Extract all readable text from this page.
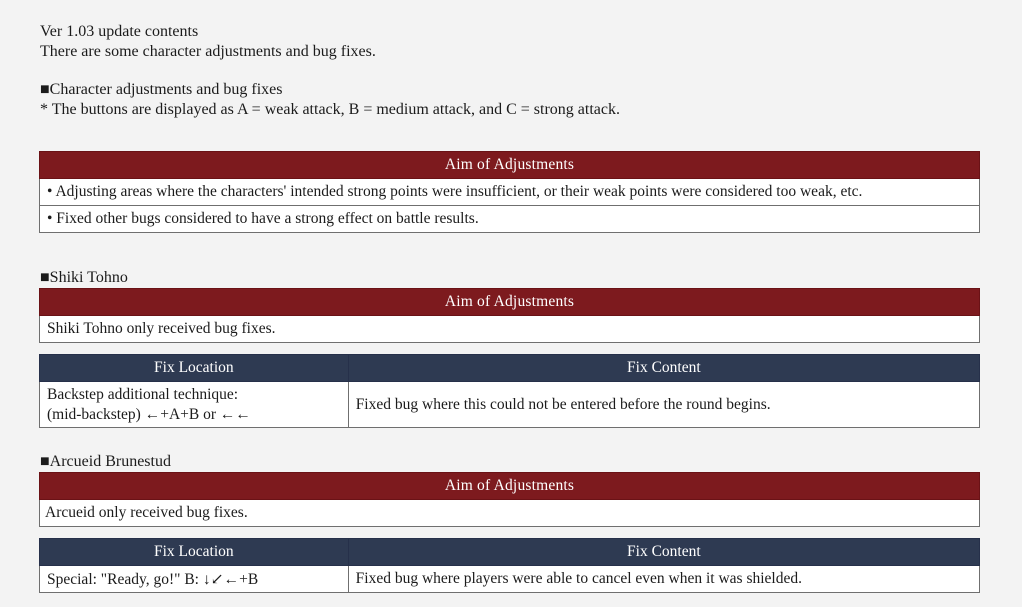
Ver 1.03 update contents
There are some character adjustments and bug fixes.
■Character adjustments and bug fixes
* The buttons are displayed as A = weak attack, B = medium attack, and C = strong attack.
Aim of Adjustments
• Adjusting areas where the characters' intended strong points were insufficient, or their weak points were considered too weak, etc.
• Fixed other bugs considered to have a strong effect on battle results.
■Shiki Tohno
Aim of Adjustments
Shiki Tohno only received bug fixes.
Fix Location	Fix Content

Backstep additional technique:
(mid-backstep) ←+A+B or ←←	Fixed bug where this could not be entered before the round begins.
■Arcueid Brunestud
Aim of Adjustments
Arcueid only received bug fixes.
Fix Location	Fix Content
Special: "Ready, go!" B: ↓↙←+B	Fixed bug where players were able to cancel even when it was shielded.
